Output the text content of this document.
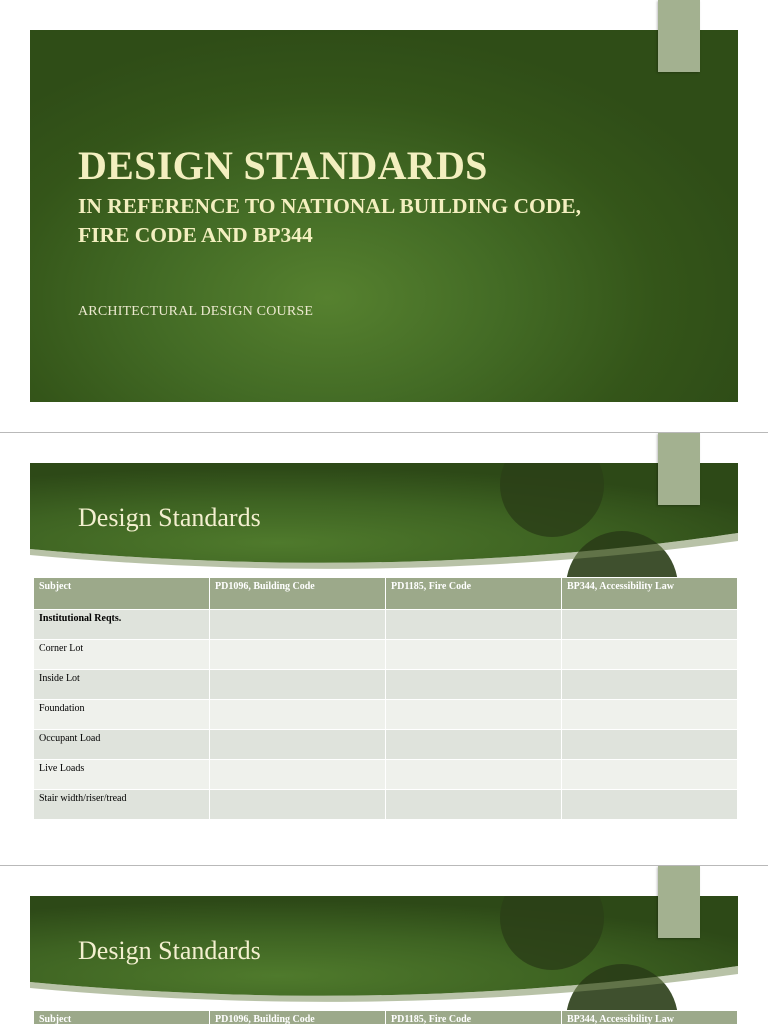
DESIGN STANDARDS
IN REFERENCE TO NATIONAL BUILDING CODE, FIRE CODE AND BP344

ARCHITECTURAL DESIGN COURSE

Design Standards
Subject	PD1096, Building Code	PD1185, Fire Code	BP344, Accessibility Law
Institutional Reqts.			
Corner Lot			
Inside Lot			
Foundation			
Occupant Load			
Live Loads			
Stair width/riser/tread			
Design Standards
Subject	PD1096, Building Code	PD1185, Fire Code	BP344, Accessibility Law
